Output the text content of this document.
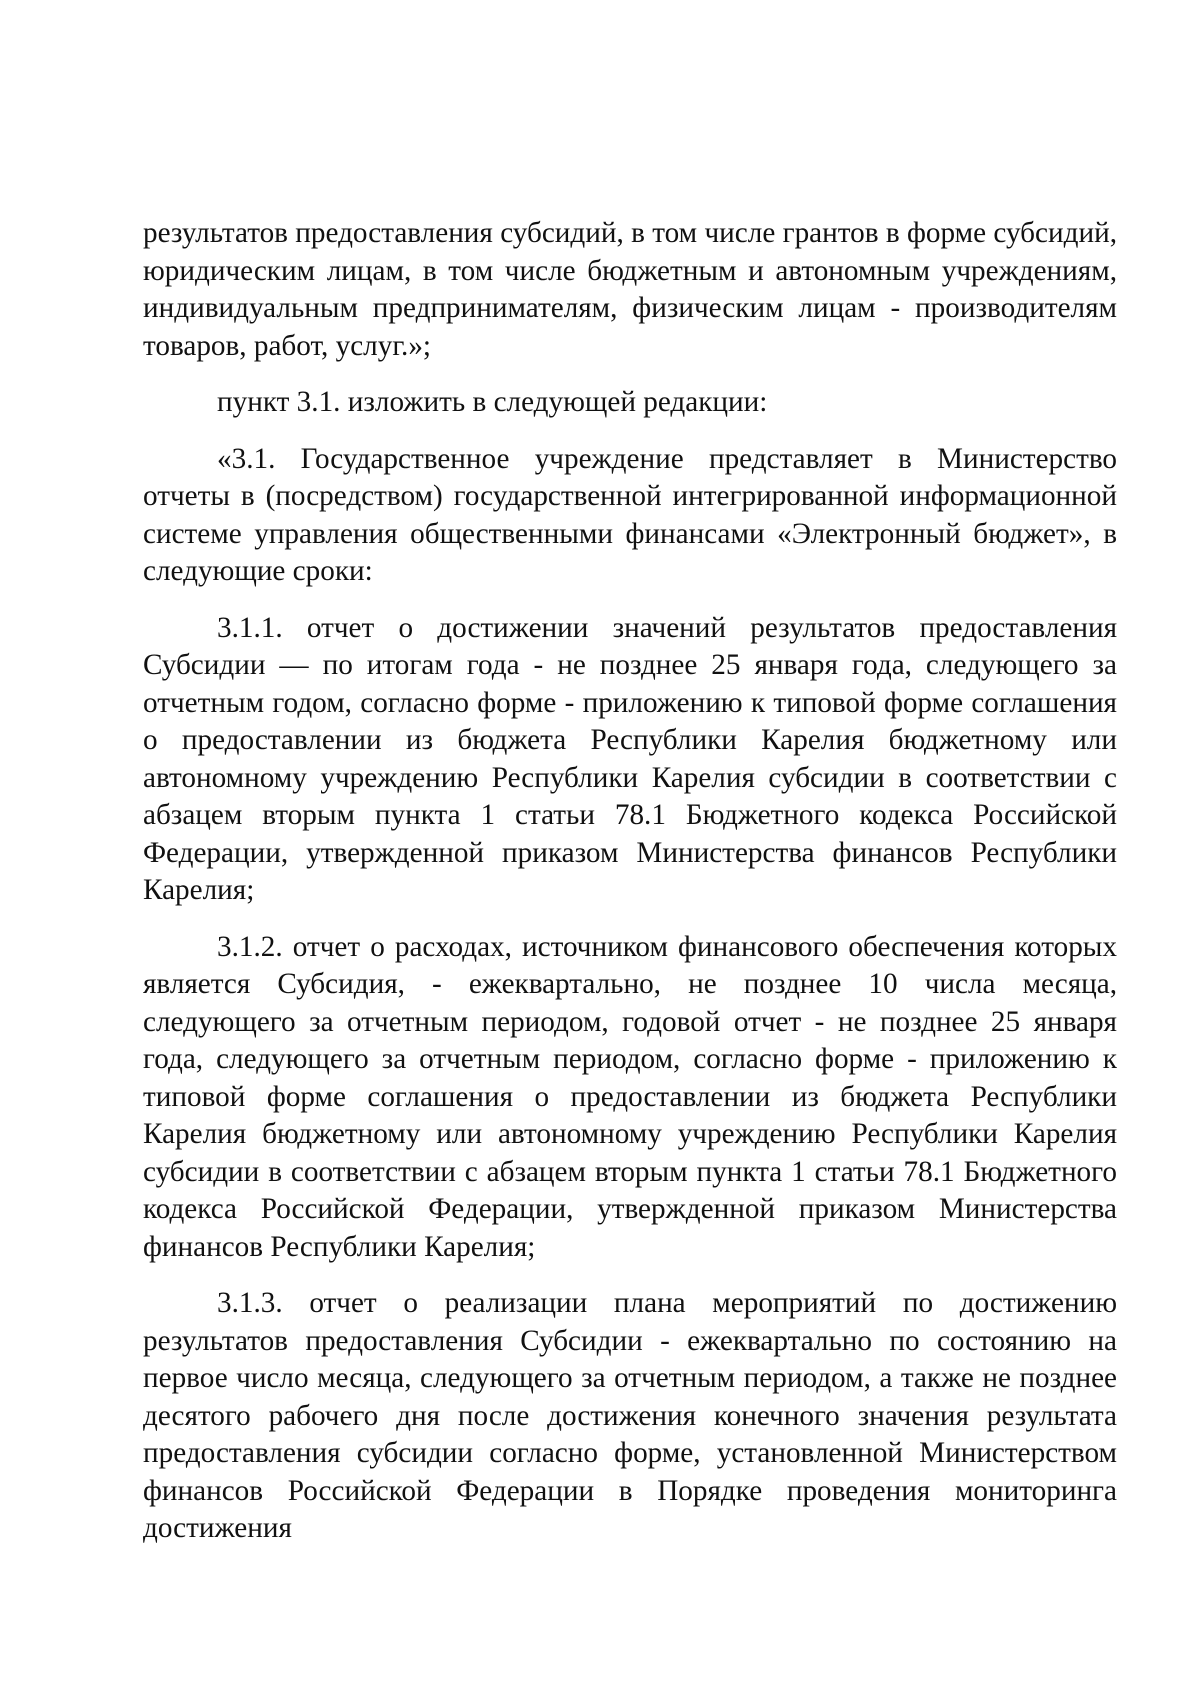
результатов предоставления субсидий, в том числе грантов в форме субсидий, юридическим лицам, в том числе бюджетным и автономным учреждениям, индивидуальным предпринимателям, физическим лицам - производителям товаров, работ, услуг.»;

пункт 3.1. изложить в следующей редакции:

«3.1. Государственное учреждение представляет в Министерство отчеты в (посредством) государственной интегрированной информационной системе управления общественными финансами «Электронный бюджет», в следующие сроки:

3.1.1. отчет о достижении значений результатов предоставления Субсидии — по итогам года - не позднее 25 января года, следующего за отчетным годом, согласно форме - приложению к типовой форме соглашения о предоставлении из бюджета Республики Карелия бюджетному или автономному учреждению Республики Карелия субсидии в соответствии с абзацем вторым пункта 1 статьи 78.1 Бюджетного кодекса Российской Федерации, утвержденной приказом Министерства финансов Республики Карелия;

3.1.2. отчет о расходах, источником финансового обеспечения которых является Субсидия, - ежеквартально, не позднее 10 числа месяца, следующего за отчетным периодом, годовой отчет - не позднее 25 января года, следующего за отчетным периодом, согласно форме - приложению к типовой форме соглашения о предоставлении из бюджета Республики Карелия бюджетному или автономному учреждению Республики Карелия субсидии в соответствии с абзацем вторым пункта 1 статьи 78.1 Бюджетного кодекса Российской Федерации, утвержденной приказом Министерства финансов Республики Карелия;

3.1.3. отчет о реализации плана мероприятий по достижению результатов предоставления Субсидии - ежеквартально по состоянию на первое число месяца, следующего за отчетным периодом, а также не позднее десятого рабочего дня после достижения конечного значения результата предоставления субсидии согласно форме, установленной Министерством финансов Российской Федерации в Порядке проведения мониторинга достижения
